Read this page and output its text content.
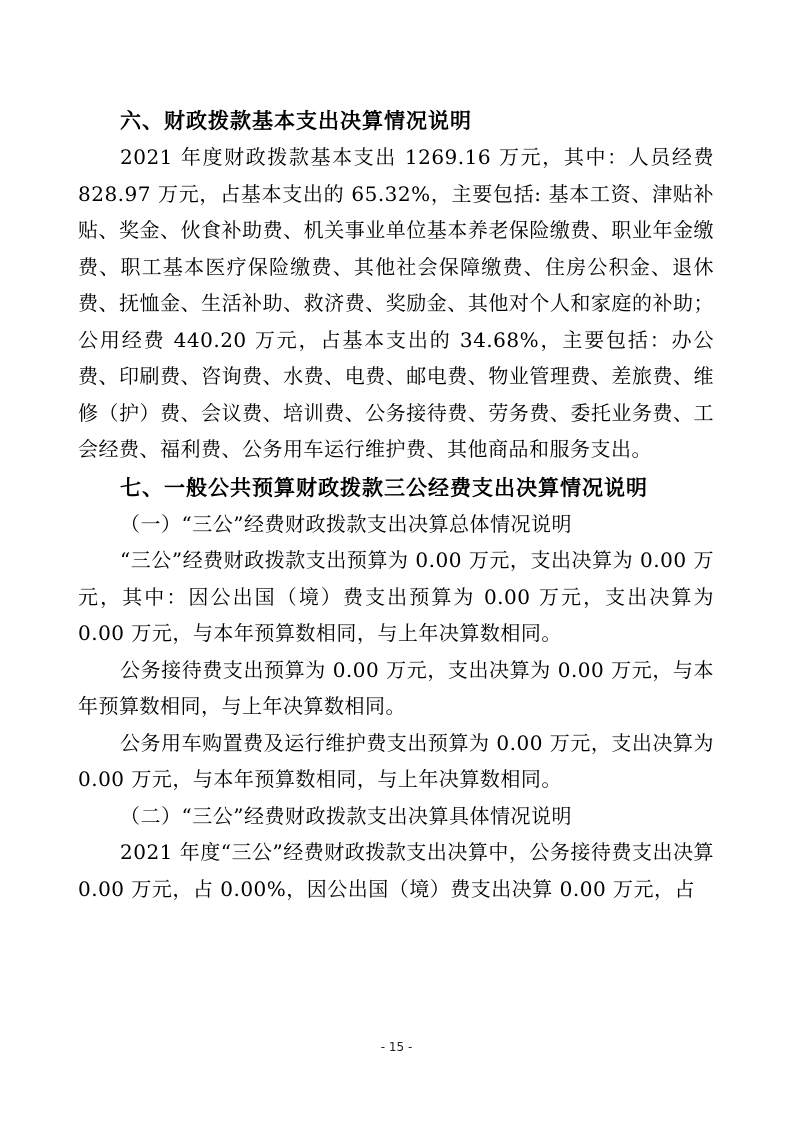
六、财政拨款基本支出决算情况说明

2021 年度财政拨款基本支出 1269.16 万元，其中：人员经费 828.97 万元，占基本支出的 65.32%，主要包括: 基本工资、津贴补贴、奖金、伙食补助费、机关事业单位基本养老保险缴费、职业年金缴费、职工基本医疗保险缴费、其他社会保障缴费、住房公积金、退休费、抚恤金、生活补助、救济费、奖励金、其他对个人和家庭的补助；公用经费 440.20 万元，占基本支出的 34.68%，主要包括：办公费、印刷费、咨询费、水费、电费、邮电费、物业管理费、差旅费、维修（护）费、会议费、培训费、公务接待费、劳务费、委托业务费、工会经费、福利费、公务用车运行维护费、其他商品和服务支出。

七、一般公共预算财政拨款三公经费支出决算情况说明

（一）“三公”经费财政拨款支出决算总体情况说明

“三公”经费财政拨款支出预算为 0.00 万元，支出决算为 0.00 万元，其中：因公出国（境）费支出预算为 0.00 万元，支出决算为 0.00 万元，与本年预算数相同，与上年决算数相同。

公务接待费支出预算为 0.00 万元，支出决算为 0.00 万元，与本年预算数相同，与上年决算数相同。

公务用车购置费及运行维护费支出预算为 0.00 万元，支出决算为 0.00 万元，与本年预算数相同，与上年决算数相同。

（二）“三公”经费财政拨款支出决算具体情况说明

2021 年度“三公”经费财政拨款支出决算中，公务接待费支出决算 0.00 万元，占 0.00%，因公出国（境）费支出决算 0.00 万元，占

- 15 -
